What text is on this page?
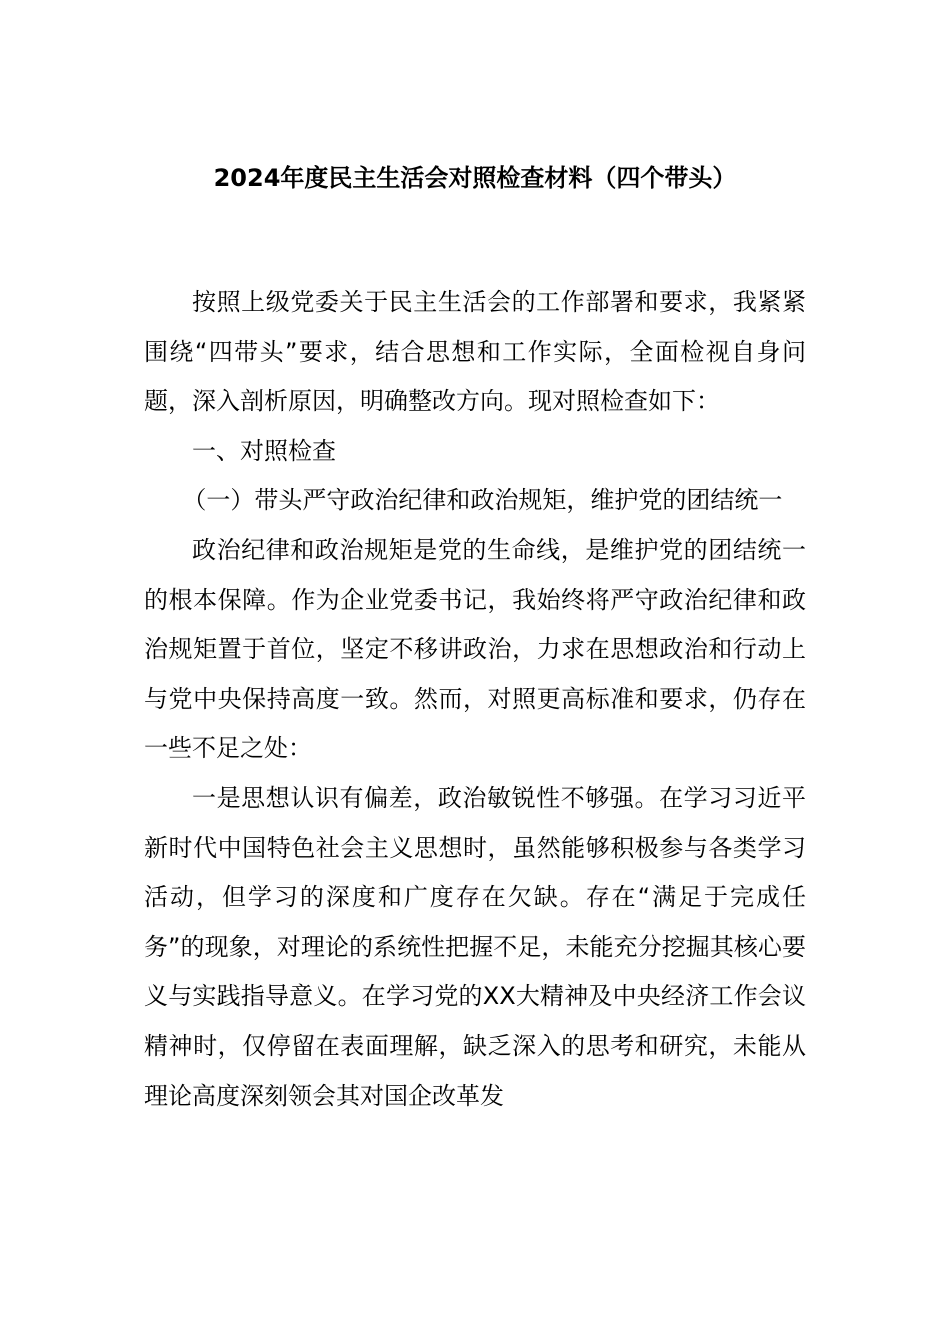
2024年度民主生活会对照检查材料（四个带头）

按照上级党委关于民主生活会的工作部署和要求，我紧紧围绕“四带头”要求，结合思想和工作实际，全面检视自身问题，深入剖析原因，明确整改方向。现对照检查如下：

一、对照检查

（一）带头严守政治纪律和政治规矩，维护党的团结统一

政治纪律和政治规矩是党的生命线，是维护党的团结统一的根本保障。作为企业党委书记，我始终将严守政治纪律和政治规矩置于首位，坚定不移讲政治，力求在思想政治和行动上与党中央保持高度一致。然而，对照更高标准和要求，仍存在一些不足之处：

一是思想认识有偏差，政治敏锐性不够强。在学习习近平新时代中国特色社会主义思想时，虽然能够积极参与各类学习活动，但学习的深度和广度存在欠缺。存在“满足于完成任务”的现象，对理论的系统性把握不足，未能充分挖掘其核心要义与实践指导意义。在学习党的XX大精神及中央经济工作会议精神时，仅停留在表面理解，缺乏深入的思考和研究，未能从理论高度深刻领会其对国企改革发
